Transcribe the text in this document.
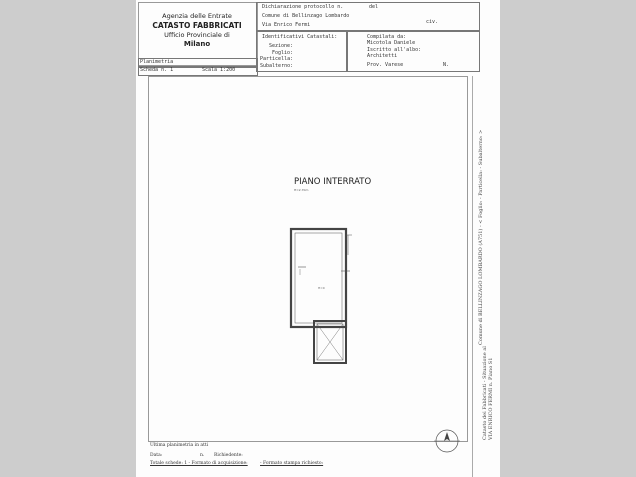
Agenzia delle Entrate
CATASTO FABBRICATI
Ufficio Provinciale di
Milano
Dichiarazione protocollo n.	del
Comune di Bellinzago Lombardo
Via Enrico Fermi	civ.
Identificativi Catastali:
Sezione:
Foglio:
Particella:
Subalterno:
Compilata da:
Micotola Daniele
Iscritto all'albo:
Architetti
Prov. Varese	N.
Planimetria
Scheda n. 1	Scala 1:200
Comune di BELLINZAGO LOMBARDO (A751) - < Foglio: - Particella: - Subalterno: >
Catasto dei Fabbricati - Situazione al VIA ENRICO FERMI n. Piano S1
PIANO INTERRATO
H=2.70m
H=0
Ultima planimetria in atti
Data:	n. Richiedente:
Totale schede: 1 - Formato di acquisizione:	- Formato stampa richiesto:
